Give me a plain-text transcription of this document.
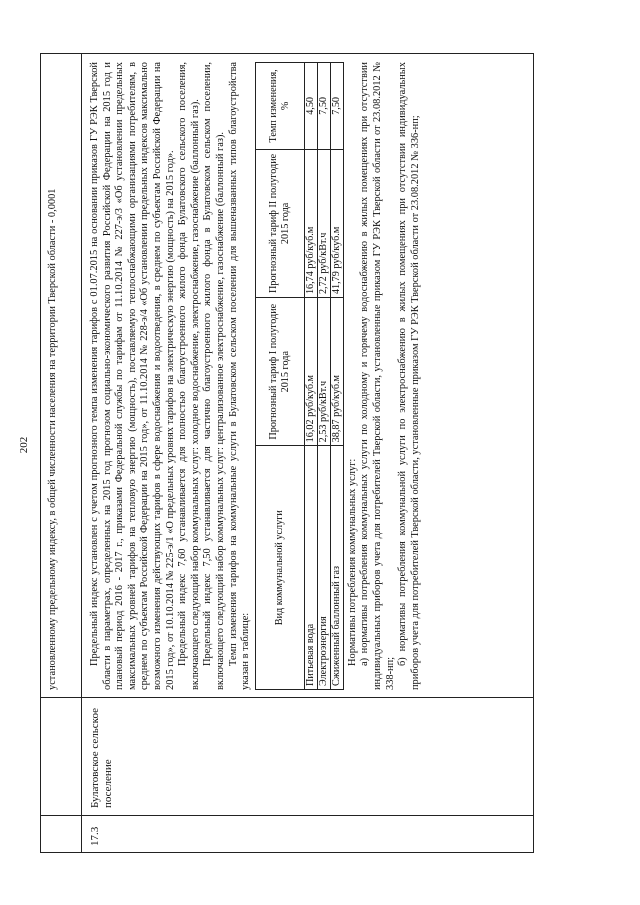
202
17.3
Булатовское сельское поселение

установленному предельному индексу, в общей численности населения на территории Тверской области - 0,0001	Предельный индекс установлен с учетом прогнозного темпа изменения тарифов с 01.07.2015 на основании приказов ГУ РЭК Тверской области в параметрах, определенных на 2015 год прогнозом социально-экономического развития Российской Федерации на 2015 год и плановый период 2016 - 2017 г., приказами Федеральной службы по тарифам от 11.10.2014 № 227-э/3 «Об установлении предельных максимальных уровней тарифов на тепловую энергию (мощность), поставляемую теплоснабжающими организациями потребителям, в среднем по субъектам Российской Федерации на 2015 год», от 11.10.2014 № 228-э/4 «Об установлении предельных индексов максимально возможного изменения действующих тарифов в сфере водоснабжения и водоотведения, в среднем по субъектам Российской Федерации на 2015 год», от 10.10.2014 № 225-э/1 «О предельных уровнях тарифов на электрическую энергию (мощность) на 2015 год». Предельный индекс 7,60 устанавливается для полностью благоустроенного жилого фонда Булатовского сельского поселения, включающего следующий набор коммунальных услуг: холодное водоснабжение, электроснабжение, газоснабжение (баллонный газ). Предельный индекс 7,50 устанавливается для частично благоустроенного жилого фонда в Булатовском сельском поселении, включающего следующий набор коммунальных услуг: централизованное электроснабжение, газоснабжение (баллонный газ). Темп изменения тарифов на коммунальные услуги в Булатовском сельском поселении для вышеназванных типов благоустройства указан в таблице:

Вид коммунальной услуги	Прогнозный тариф I полугодие 2015 года	Прогнозный тариф II полугодие 2015 года	Темп изменения, %
Питьевая вода	16,02 руб/куб.м	16,74 руб/куб.м	4,50
Электроэнергия	2,53 руб/кВт.ч	2,72 руб/кВт.ч	7,50
Сжиженный баллонный газ	38,87 руб/куб.м	41,79 руб/куб.м	7,50

Нормативы потребления коммунальных услуг: а) нормативы потребления коммунальных услуги по холодному и горячему водоснабжению в жилых помещениях при отсутствии индивидуальных приборов учета для потребителей Тверской области, установленные приказом ГУ РЭК Тверской области от 23.08.2012 № 338-нп;

б) нормативы потребления коммунальной услуги по электроснабжению в жилых помещениях при отсутствии индивидуальных приборов учета для потребителей Тверской области, установленные приказом ГУ РЭК Тверской области от 23.08.2012 № 336-нп;
